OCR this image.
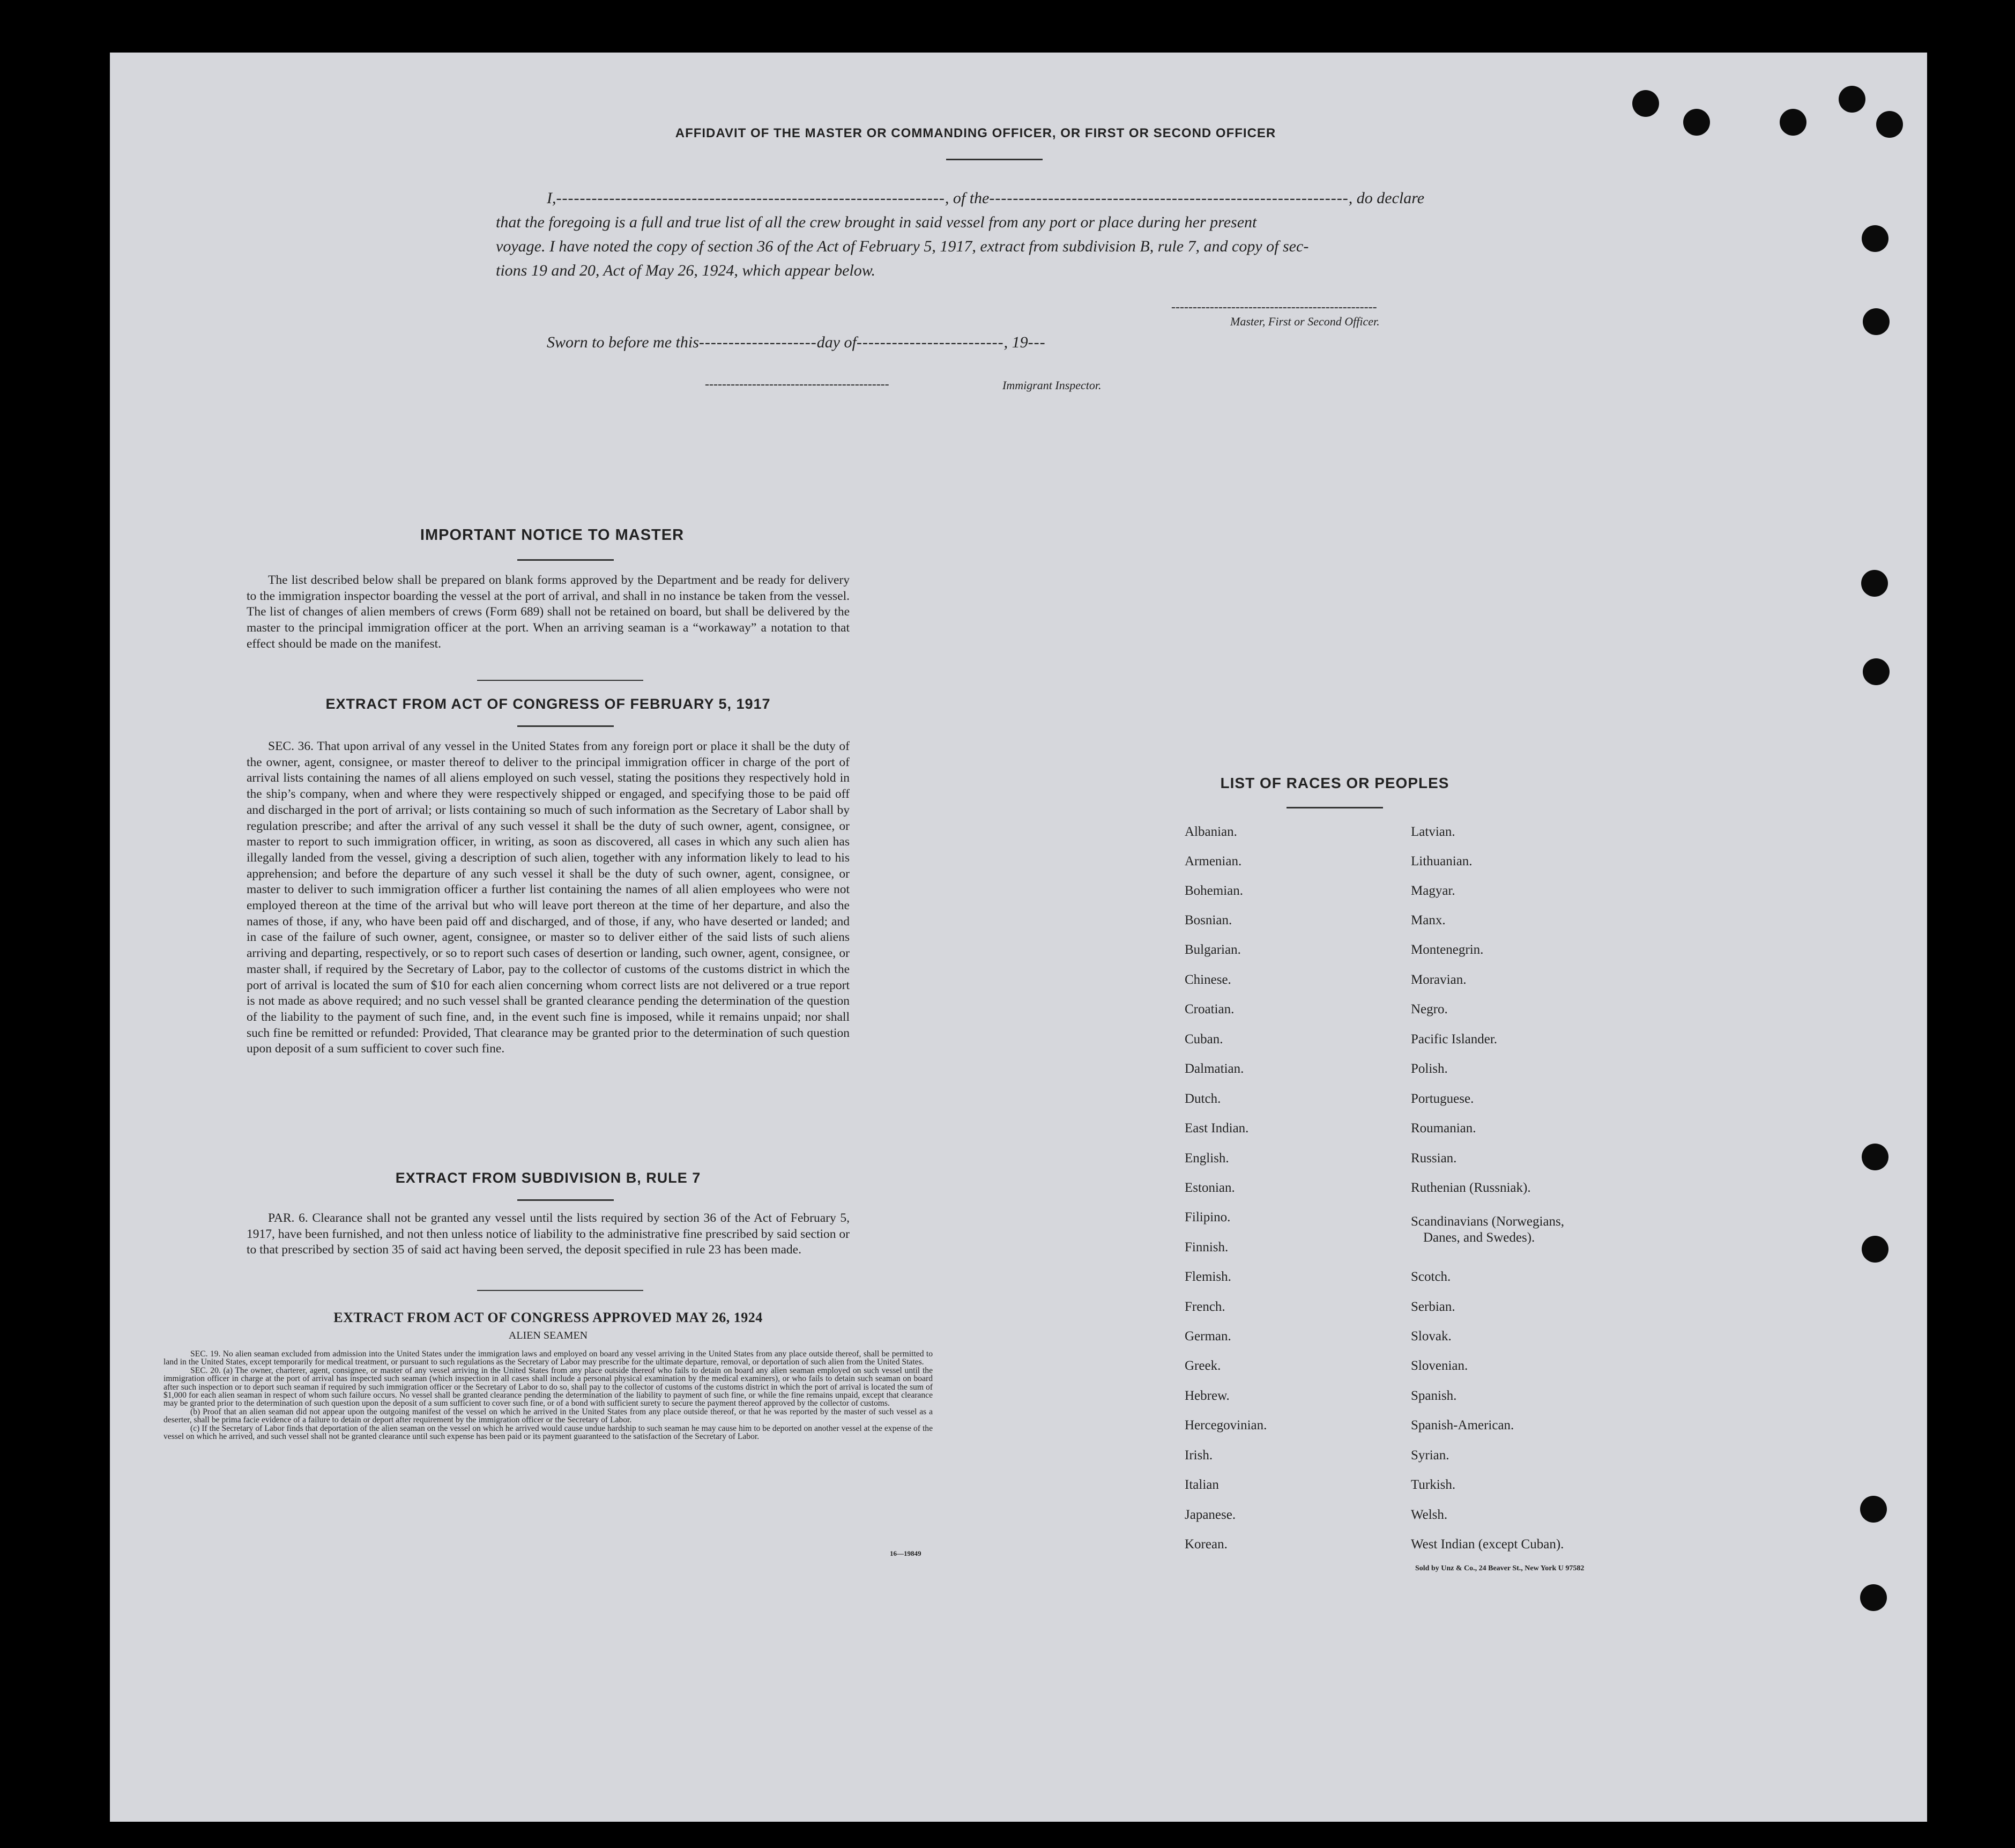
AFFIDAVIT OF THE MASTER OR COMMANDING OFFICER, OR FIRST OR SECOND OFFICER
I,------------------------------------------------------------------, of the-------------------------------------------------------------, do declare
that the foregoing is a full and true list of all the crew brought in said vessel from any port or place during her present
voyage. I have noted the copy of section 36 of the Act of February 5, 1917, extract from subdivision B, rule 7, and copy of sec-
tions 19 and 20, Act of May 26, 1924, which appear below.
------------------------------------------------
Master, First or Second Officer.
Sworn to before me this--------------------day of-------------------------, 19---
-------------------------------------------	Immigrant Inspector.
IMPORTANT NOTICE TO MASTER

The list described below shall be prepared on blank forms approved by the Department and be ready for delivery to the immigration inspector boarding the vessel at the port of arrival, and shall in no instance be taken from the vessel. The list of changes of alien members of crews (Form 689) shall not be retained on board, but shall be delivered by the master to the principal immigration officer at the port. When an arriving seaman is a “workaway” a notation to that effect should be made on the manifest.

EXTRACT FROM ACT OF CONGRESS OF FEBRUARY 5, 1917

SEC. 36. That upon arrival of any vessel in the United States from any foreign port or place it shall be the duty of the owner, agent, consignee, or master thereof to deliver to the principal immigration officer in charge of the port of arrival lists containing the names of all aliens employed on such vessel, stating the positions they respectively hold in the ship’s company, when and where they were respectively shipped or engaged, and specifying those to be paid off and discharged in the port of arrival; or lists containing so much of such information as the Secretary of Labor shall by regulation prescribe; and after the arrival of any such vessel it shall be the duty of such owner, agent, consignee, or master to report to such immigration officer, in writing, as soon as discovered, all cases in which any such alien has illegally landed from the vessel, giving a description of such alien, together with any information likely to lead to his apprehension; and before the departure of any such vessel it shall be the duty of such owner, agent, consignee, or master to deliver to such immigration officer a further list containing the names of all alien employees who were not employed thereon at the time of the arrival but who will leave port thereon at the time of her departure, and also the names of those, if any, who have been paid off and discharged, and of those, if any, who have deserted or landed; and in case of the failure of such owner, agent, consignee, or master so to deliver either of the said lists of such aliens arriving and departing, respectively, or so to report such cases of desertion or landing, such owner, agent, consignee, or master shall, if required by the Secretary of Labor, pay to the collector of customs of the customs district in which the port of arrival is located the sum of $10 for each alien concerning whom correct lists are not delivered or a true report is not made as above required; and no such vessel shall be granted clearance pending the determination of the question of the liability to the payment of such fine, and, in the event such fine is imposed, while it remains unpaid; nor shall such fine be remitted or refunded: Provided, That clearance may be granted prior to the determination of such question upon deposit of a sum sufficient to cover such fine.

EXTRACT FROM SUBDIVISION B, RULE 7

PAR. 6. Clearance shall not be granted any vessel until the lists required by section 36 of the Act of February 5, 1917, have been furnished, and not then unless notice of liability to the administrative fine prescribed by said section or to that prescribed by section 35 of said act having been served, the deposit specified in rule 23 has been made.

EXTRACT FROM ACT OF CONGRESS APPROVED MAY 26, 1924
ALIEN SEAMEN

SEC. 19. No alien seaman excluded from admission into the United States under the immigration laws and employed on board any vessel arriving in the United States from any place outside thereof, shall be permitted to land in the United States, except temporarily for medical treatment, or pursuant to such regulations as the Secretary of Labor may prescribe for the ultimate departure, removal, or deportation of such alien from the United States.

SEC. 20. (a) The owner, charterer, agent, consignee, or master of any vessel arriving in the United States from any place outside thereof who fails to detain on board any alien seaman employed on such vessel until the immigration officer in charge at the port of arrival has inspected such seaman (which inspection in all cases shall include a personal physical examination by the medical examiners), or who fails to detain such seaman on board after such inspection or to deport such seaman if required by such immigration officer or the Secretary of Labor to do so, shall pay to the collector of customs of the customs district in which the port of arrival is located the sum of $1,000 for each alien seaman in respect of whom such failure occurs. No vessel shall be granted clearance pending the determination of the liability to payment of such fine, or while the fine remains unpaid, except that clearance may be granted prior to the determination of such question upon the deposit of a sum sufficient to cover such fine, or of a bond with sufficient surety to secure the payment thereof approved by the collector of customs.

(b) Proof that an alien seaman did not appear upon the outgoing manifest of the vessel on which he arrived in the United States from any place outside thereof, or that he was reported by the master of such vessel as a deserter, shall be prima facie evidence of a failure to detain or deport after requirement by the immigration officer or the Secretary of Labor.

(c) If the Secretary of Labor finds that deportation of the alien seaman on the vessel on which he arrived would cause undue hardship to such seaman he may cause him to be deported on another vessel at the expense of the vessel on which he arrived, and such vessel shall not be granted clearance until such expense has been paid or its payment guaranteed to the satisfaction of the Secretary of Labor.

16—19849
LIST OF RACES OR PEOPLES
Albanian.
Armenian.
Bohemian.
Bosnian.
Bulgarian.
Chinese.
Croatian.
Cuban.
Dalmatian.
Dutch.
East Indian.
English.
Estonian.
Filipino.
Finnish.
Flemish.
French.
German.
Greek.
Hebrew.
Hercegovinian.
Irish.
Italian
Japanese.
Korean.
Latvian.
Lithuanian.
Magyar.
Manx.
Montenegrin.
Moravian.
Negro.
Pacific Islander.
Polish.
Portuguese.
Roumanian.
Russian.
Ruthenian (Russniak).
Scandinavians (Norwegians,
Danes, and Swedes).
Scotch.
Serbian.
Slovak.
Slovenian.
Spanish.
Spanish-American.
Syrian.
Turkish.
Welsh.
West Indian (except Cuban).
Sold by Unz & Co., 24 Beaver St., New York U 97582
